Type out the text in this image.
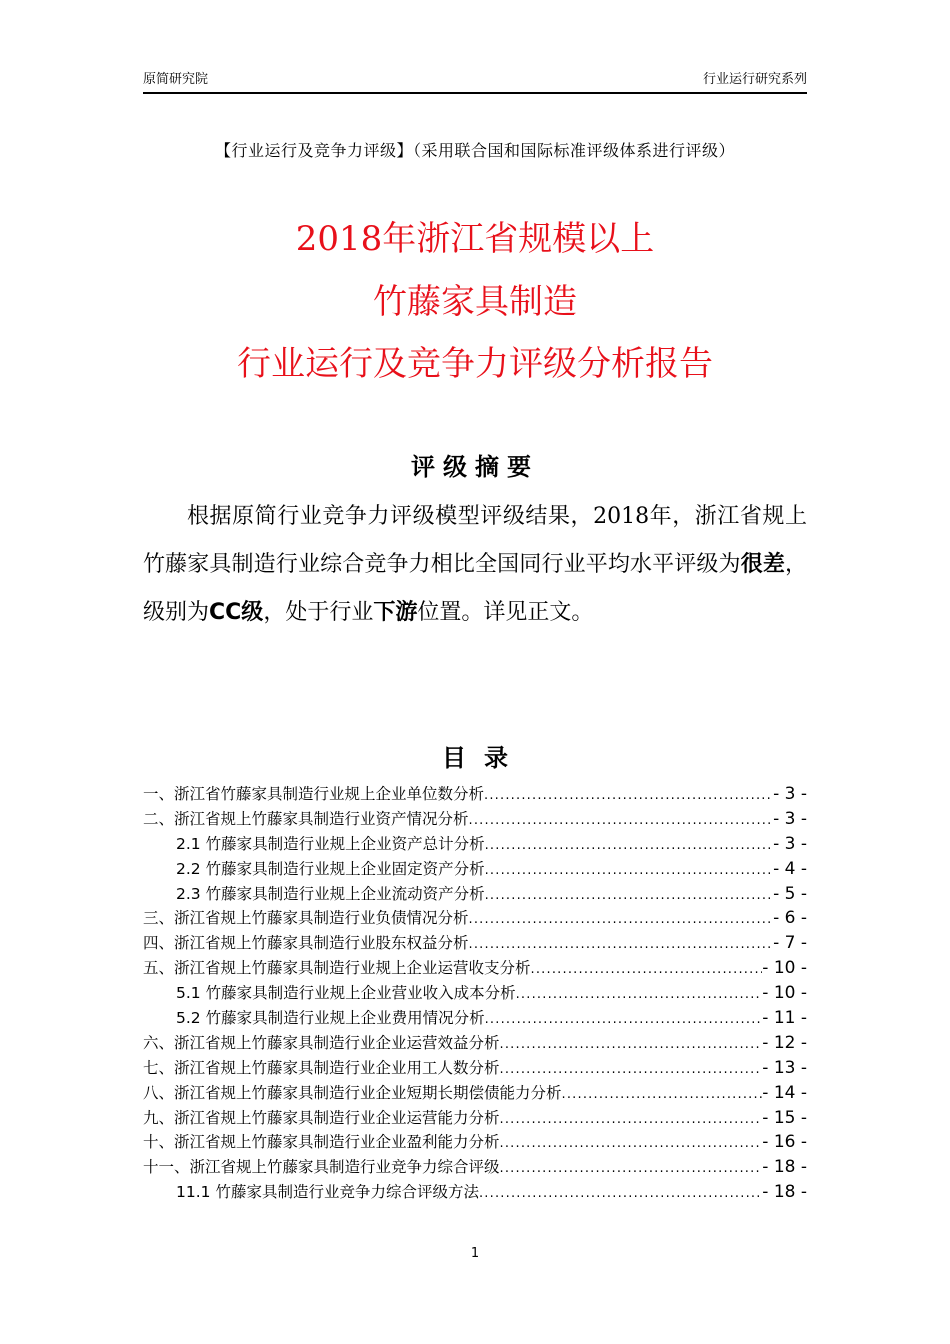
原简研究院	行业运行研究系列
【行业运行及竞争力评级】（采用联合国和国际标准评级体系进行评级）
2018年浙江省规模以上
竹藤家具制造
行业运行及竞争力评级分析报告
评级摘要

根据原简行业竞争力评级模型评级结果，2018年，浙江省规上竹藤家具制造行业综合竞争力相比全国同行业平均水平评级为很差，级别为CC级，处于行业下游位置。详见正文。

目录
一、浙江省竹藤家具制造行业规上企业单位数分析 .....	- 3 -
二、浙江省规上竹藤家具制造行业资产情况分析 .....	- 3 -
2.1 竹藤家具制造行业规上企业资产总计分析 .....	- 3 -
2.2 竹藤家具制造行业规上企业固定资产分析 .....	- 4 -
2.3 竹藤家具制造行业规上企业流动资产分析 .....	- 5 -
三、浙江省规上竹藤家具制造行业负债情况分析 .....	- 6 -
四、浙江省规上竹藤家具制造行业股东权益分析 .....	- 7 -
五、浙江省规上竹藤家具制造行业规上企业运营收支分析 .....	- 10 -
5.1 竹藤家具制造行业规上企业营业收入成本分析 .....	- 10 -
5.2 竹藤家具制造行业规上企业费用情况分析 .....	- 11 -
六、浙江省规上竹藤家具制造行业企业运营效益分析 .....	- 12 -
七、浙江省规上竹藤家具制造行业企业用工人数分析 .....	- 13 -
八、浙江省规上竹藤家具制造行业企业短期长期偿债能力分析 .....	- 14 -
九、浙江省规上竹藤家具制造行业企业运营能力分析 .....	- 15 -
十、浙江省规上竹藤家具制造行业企业盈利能力分析 .....	- 16 -
十一、浙江省规上竹藤家具制造行业竞争力综合评级 .....	- 18 -
11.1 竹藤家具制造行业竞争力综合评级方法 .....	- 18 -
1
